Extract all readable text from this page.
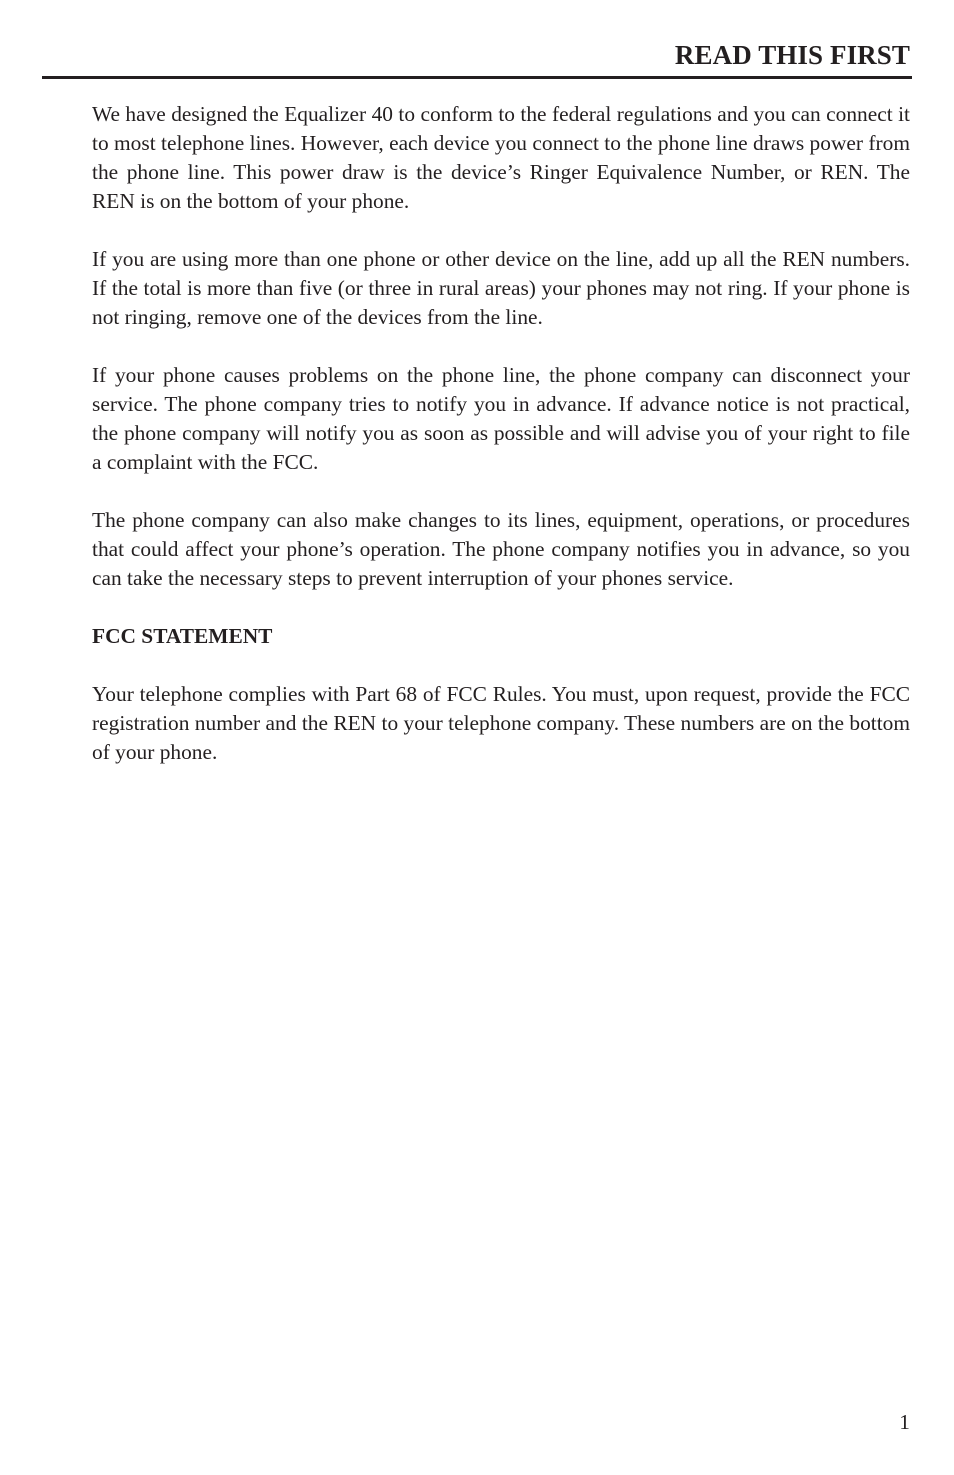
READ THIS FIRST

We have designed the Equalizer 40 to conform to the federal regulations and you can connect it to most telephone lines. However, each device you connect to the phone line draws power from the phone line. This power draw is the device’s Ringer Equivalence Number, or REN. The REN is on the bottom of your phone.

If you are using more than one phone or other device on the line, add up all the REN numbers. If the total is more than five (or three in rural areas) your phones may not ring. If your phone is not ringing, remove one of the devices from the line.

If your phone causes problems on the phone line, the phone company can disconnect your service. The phone company tries to notify you in advance. If advance notice is not practical, the phone company will notify you as soon as possible and will advise you of your right to file a complaint with the FCC.

The phone company can also make changes to its lines, equipment, operations, or procedures that could affect your phone’s operation. The phone company notifies you in advance, so you can take the necessary steps to prevent interruption of your phones service.

FCC STATEMENT

Your telephone complies with Part 68 of FCC Rules. You must, upon request, provide the FCC registration number and the REN to your telephone company. These numbers are on the bottom of your phone.

1
